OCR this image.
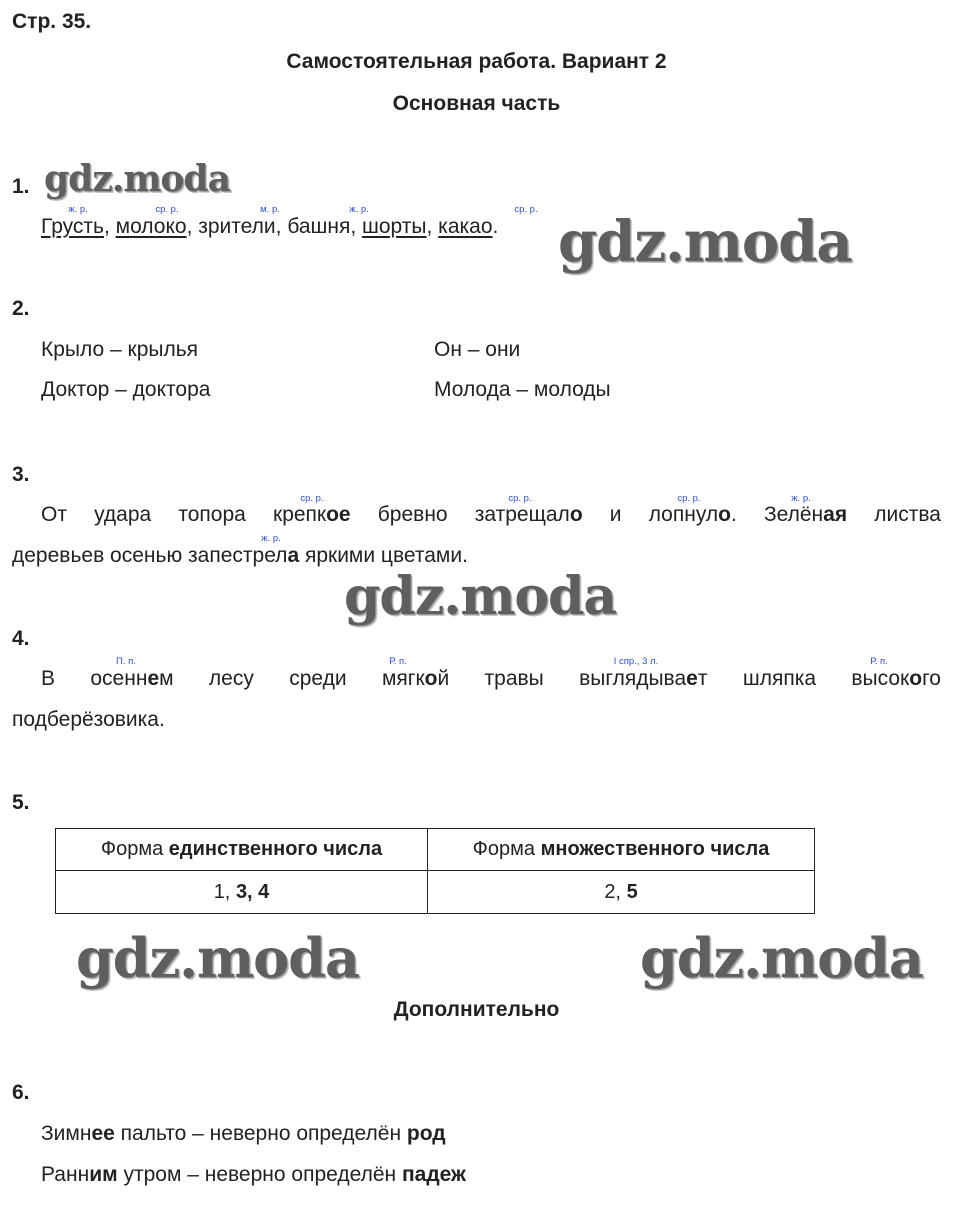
Стр. 35.
Самостоятельная работа. Вариант 2
Основная часть
1. gdz.moda
ж. р.	ср. р.	м. р.	ж. р.	ср. р.
Грусть, молоко, зрители, башня, шорты, какао. gdz.moda
2.
Крыло – крылья
Доктор – доктора
Он – они
Молода – молоды
3.
ср. р.	ср. р.	ср. р.	ж. р.
ж. р.
От удара топора крепкое бревно затрещало и лопнуло. Зелёная листва
деревьев осенью запестрела яркими цветами.
gdz.moda
4.
П. п.	Р. п.	I спр., 3 л.	Р. п.
В осеннем лесу среди мягкой травы выглядывает шляпка высокого
подберёзовика.
5.
Форма единственного числа	Форма множественного числа
1, 3, 4	2, 5
gdz.moda	gdz.moda
Дополнительно
6.
Зимнее пальто – неверно определён род
Ранним утром – неверно определён падеж
